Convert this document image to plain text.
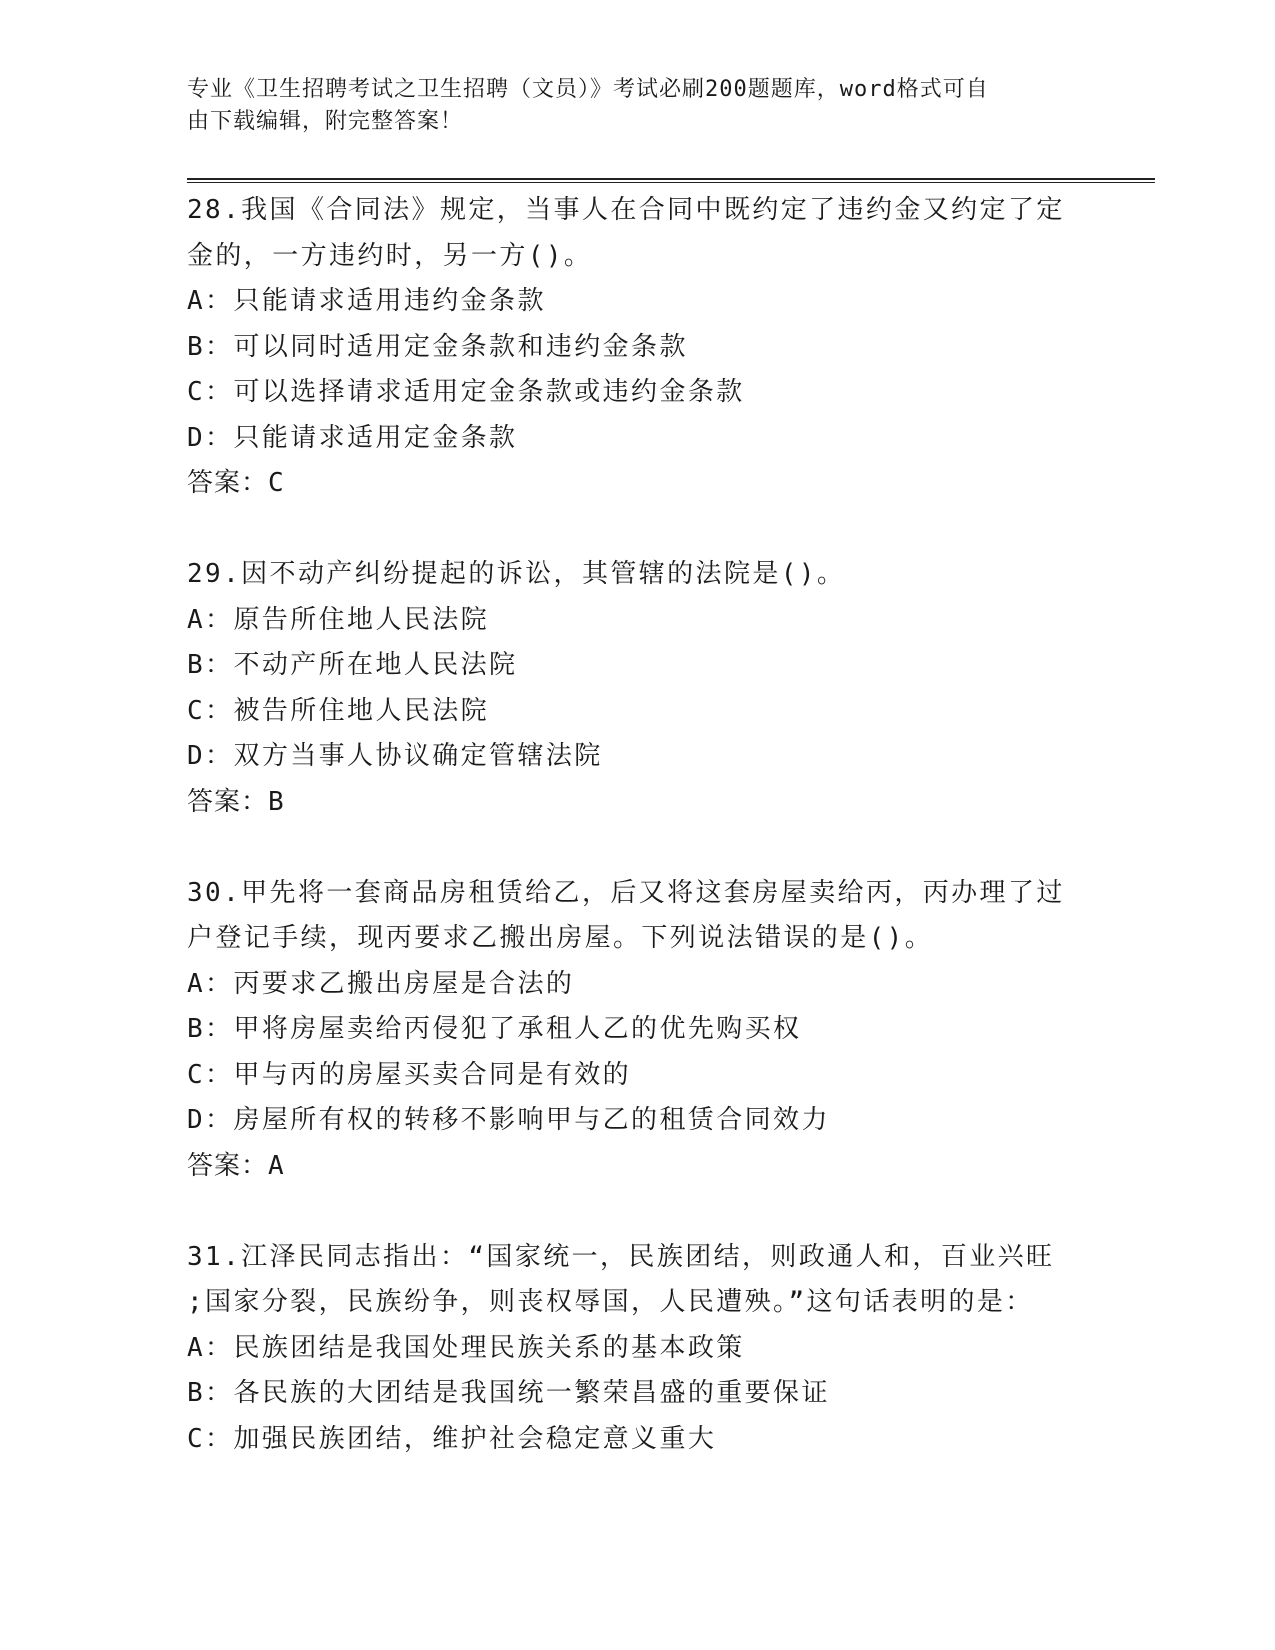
专业《卫生招聘考试之卫生招聘（文员）》考试必刷200题题库，word格式可自
由下载编辑，附完整答案！

28.我国《合同法》规定，当事人在合同中既约定了违约金又约定了定

金的，一方违约时，另一方()。

A：只能请求适用违约金条款

B：可以同时适用定金条款和违约金条款

C：可以选择请求适用定金条款或违约金条款

D：只能请求适用定金条款

答案：C

29.因不动产纠纷提起的诉讼，其管辖的法院是()。

A：原告所住地人民法院

B：不动产所在地人民法院

C：被告所住地人民法院

D：双方当事人协议确定管辖法院

答案：B

30.甲先将一套商品房租赁给乙，后又将这套房屋卖给丙，丙办理了过

户登记手续，现丙要求乙搬出房屋。下列说法错误的是()。

A：丙要求乙搬出房屋是合法的

B：甲将房屋卖给丙侵犯了承租人乙的优先购买权

C：甲与丙的房屋买卖合同是有效的

D：房屋所有权的转移不影响甲与乙的租赁合同效力

答案：A

31.江泽民同志指出：“国家统一，民族团结，则政通人和，百业兴旺

;国家分裂，民族纷争，则丧权辱国，人民遭殃。”这句话表明的是：

A：民族团结是我国处理民族关系的基本政策

B：各民族的大团结是我国统一繁荣昌盛的重要保证

C：加强民族团结，维护社会稳定意义重大
